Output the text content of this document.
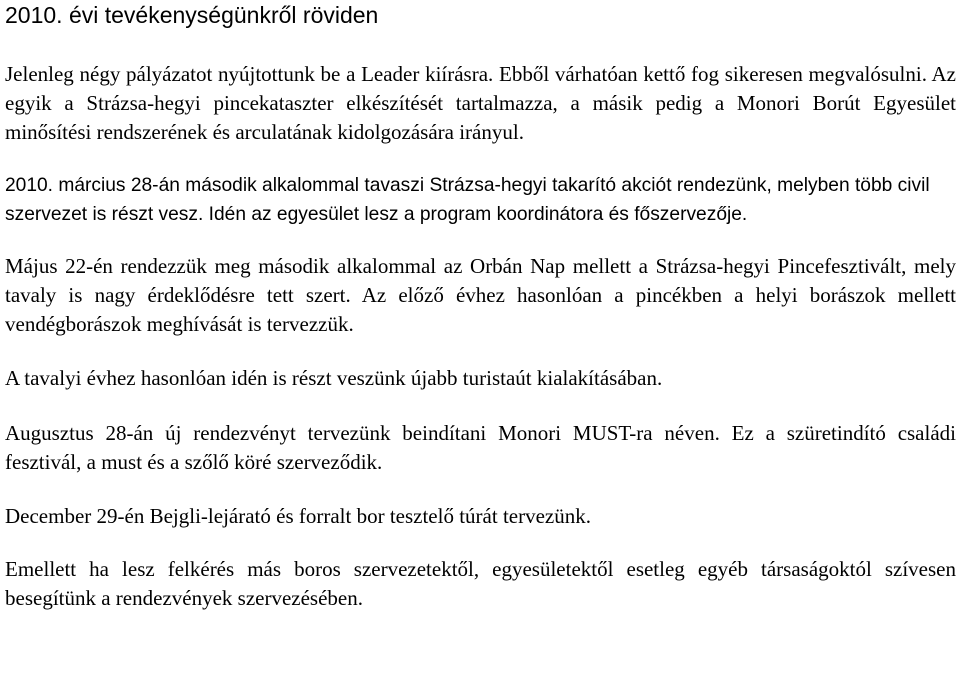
2010. évi tevékenységünkről röviden

Jelenleg négy pályázatot nyújtottunk be a Leader kiírásra. Ebből várhatóan kettő fog sikeresen megvalósulni. Az egyik a Strázsa-hegyi pincekataszter elkészítését tartalmazza, a másik pedig a Monori Borút Egyesület minősítési rendszerének és arculatának kidolgozására irányul.

2010. március 28-án második alkalommal tavaszi Strázsa-hegyi takarító akciót rendezünk, melyben több civil szervezet is részt vesz. Idén az egyesület lesz a program koordinátora és főszervezője.

Május 22-én rendezzük meg második alkalommal az Orbán Nap mellett a Strázsa-hegyi Pincefesztivált, mely tavaly is nagy érdeklődésre tett szert. Az előző évhez hasonlóan a pincékben a helyi borászok mellett vendégborászok meghívását is tervezzük.

A tavalyi évhez hasonlóan idén is részt veszünk újabb turistaút kialakításában.

Augusztus 28-án új rendezvényt tervezünk beindítani Monori MUST-ra néven. Ez a szüretindító családi fesztivál, a must és a szőlő köré szerveződik.

December 29-én Bejgli-lejárató és forralt bor tesztelő túrát tervezünk.

Emellett ha lesz felkérés más boros szervezetektől, egyesületektől esetleg egyéb társaságoktól szívesen besegítünk a rendezvények szervezésében.
